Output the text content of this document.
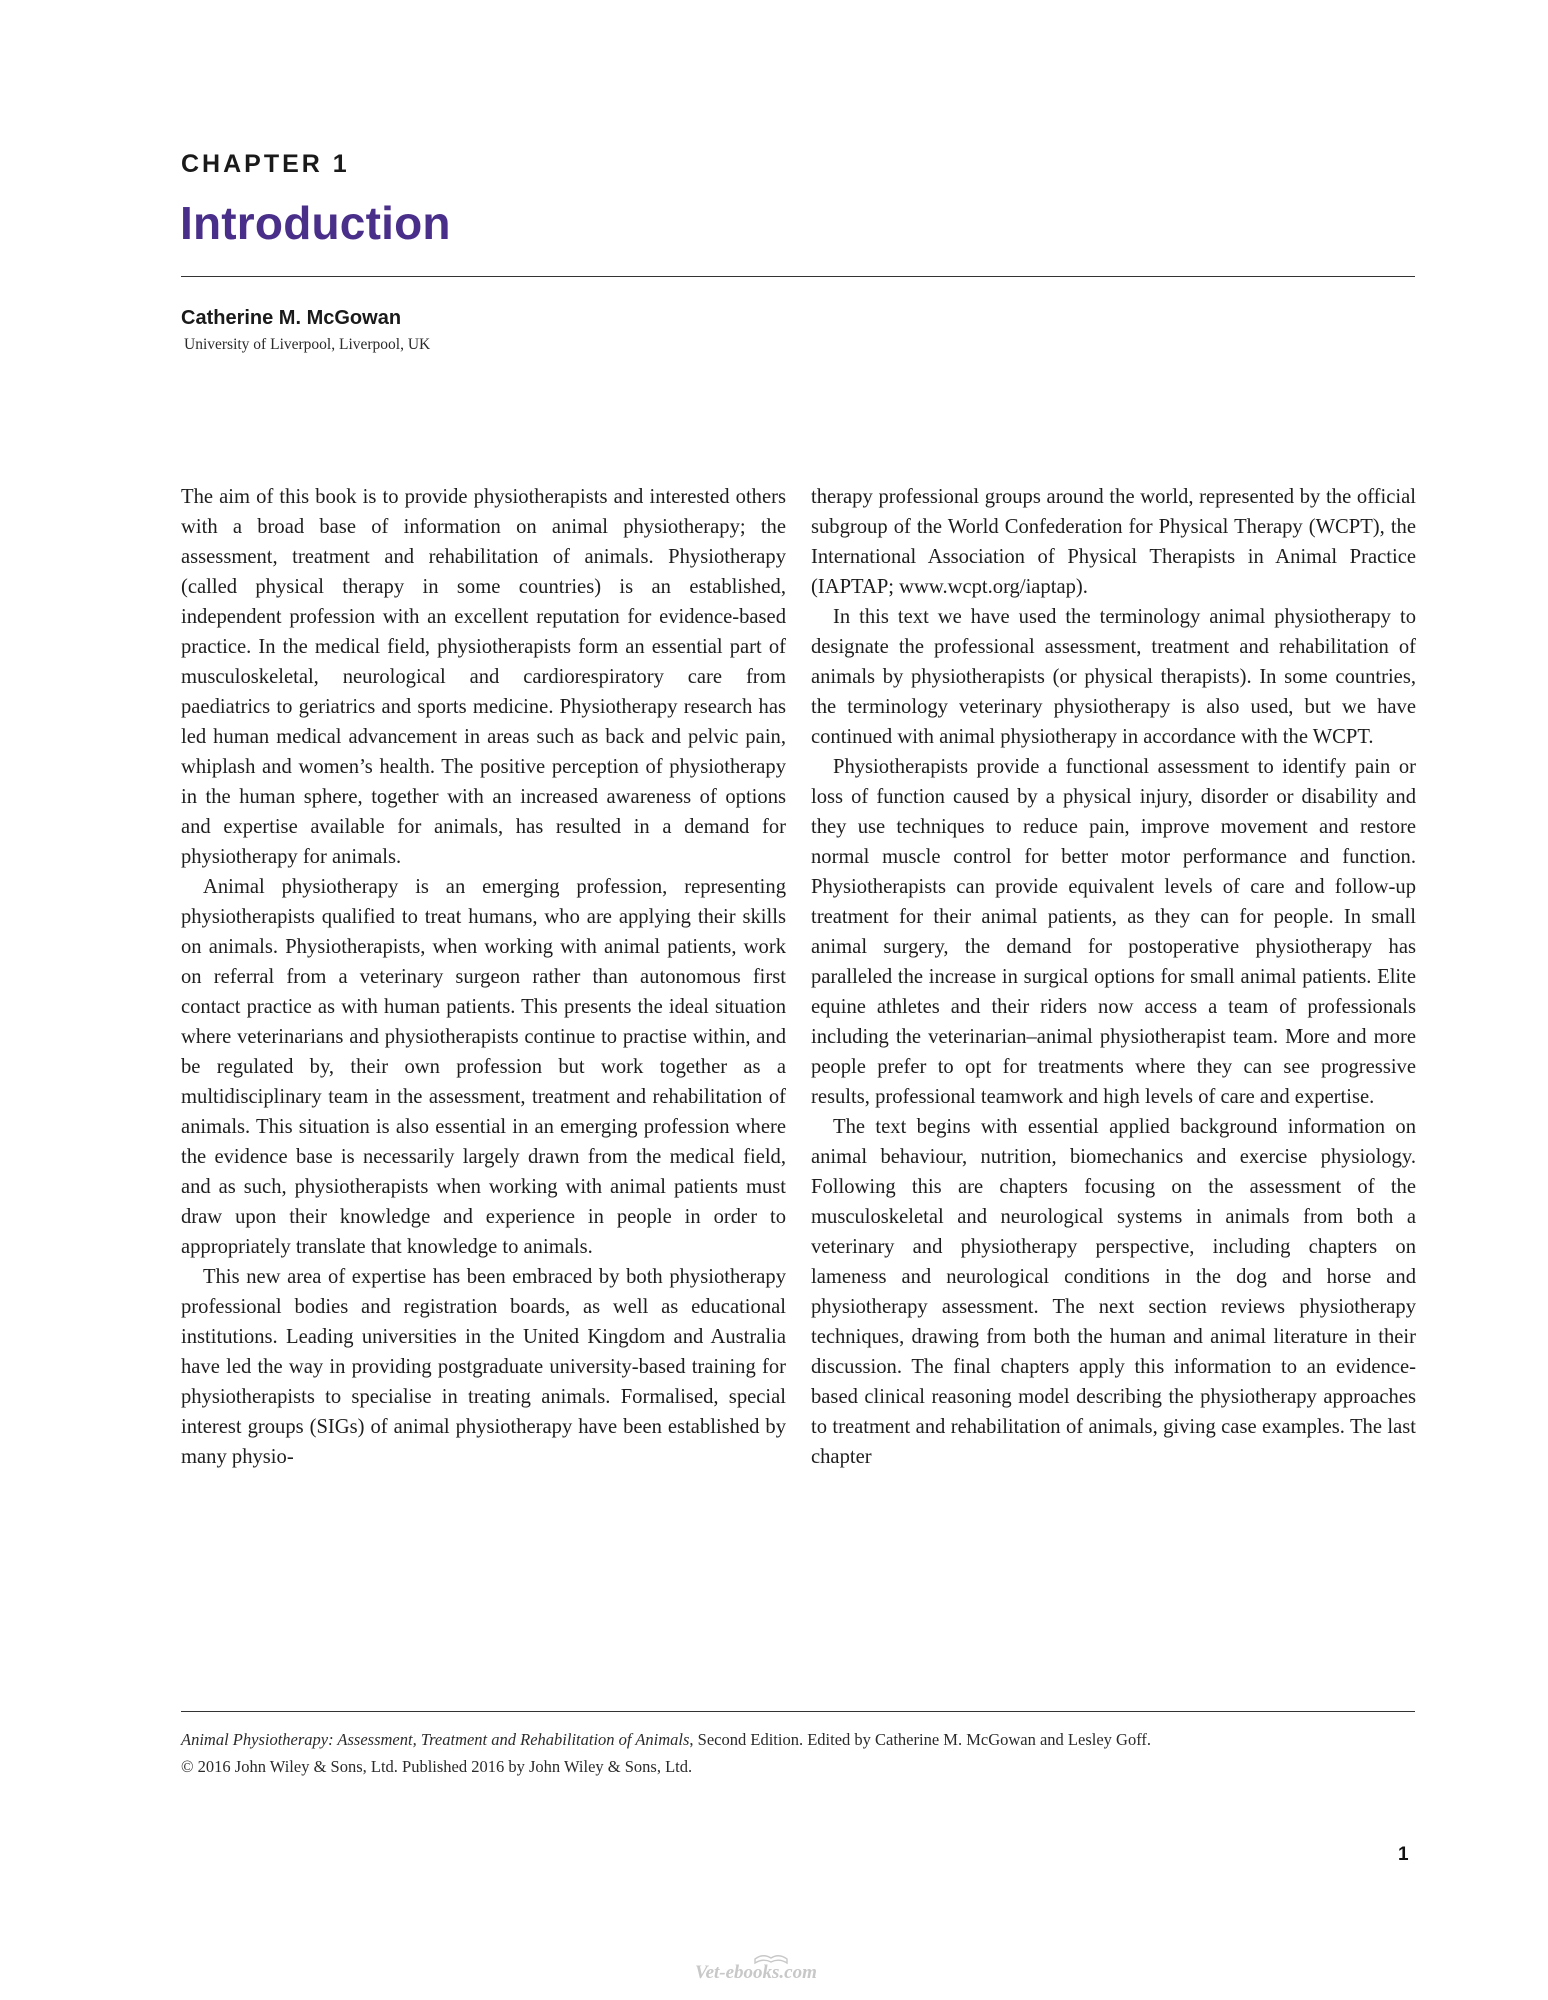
CHAPTER 1
Introduction
Catherine M. McGowan
University of Liverpool, Liverpool, UK

The aim of this book is to provide physiotherapists and interested others with a broad base of information on animal physiotherapy; the assessment, treatment and rehabilitation of animals. Physiotherapy (called physical therapy in some countries) is an established, independent profession with an excellent reputation for evidence-based practice. In the medical field, physiotherapists form an essential part of musculoskeletal, neurological and cardiorespiratory care from paediatrics to geriatrics and sports medicine. Physiotherapy research has led human medical advancement in areas such as back and pelvic pain, whiplash and women’s health. The positive perception of physiotherapy in the human sphere, together with an increased awareness of options and expertise available for animals, has resulted in a demand for physiotherapy for animals.

Animal physiotherapy is an emerging profession, representing physiotherapists qualified to treat humans, who are applying their skills on animals. Physiotherapists, when working with animal patients, work on referral from a veterinary surgeon rather than autonomous first contact practice as with human patients. This presents the ideal situation where veterinarians and physiotherapists continue to practise within, and be regulated by, their own profession but work together as a multidisciplinary team in the assessment, treatment and rehabilitation of animals. This situation is also essential in an emerging profession where the evidence base is necessarily largely drawn from the medical field, and as such, physiotherapists when working with animal patients must draw upon their knowledge and experience in people in order to appropriately translate that knowledge to animals.

This new area of expertise has been embraced by both physiotherapy professional bodies and registration boards, as well as educational institutions. Leading universities in the United Kingdom and Australia have led the way in providing postgraduate university-based training for physiotherapists to specialise in treating animals. Formalised, special interest groups (SIGs) of animal physiotherapy have been established by many physio-

therapy professional groups around the world, represented by the official subgroup of the World Confederation for Physical Therapy (WCPT), the International Association of Physical Therapists in Animal Practice (IAPTAP; www.wcpt.org/iaptap).

In this text we have used the terminology animal physiotherapy to designate the professional assessment, treatment and rehabilitation of animals by physiotherapists (or physical therapists). In some countries, the terminology veterinary physiotherapy is also used, but we have continued with animal physiotherapy in accordance with the WCPT.

Physiotherapists provide a functional assessment to identify pain or loss of function caused by a physical injury, disorder or disability and they use techniques to reduce pain, improve movement and restore normal muscle control for better motor performance and function. Physiotherapists can provide equivalent levels of care and follow-up treatment for their animal patients, as they can for people. In small animal surgery, the demand for postoperative physiotherapy has paralleled the increase in surgical options for small animal patients. Elite equine athletes and their riders now access a team of professionals including the veterinarian–animal physiotherapist team. More and more people prefer to opt for treatments where they can see progressive results, professional teamwork and high levels of care and expertise.

The text begins with essential applied background information on animal behaviour, nutrition, biomechanics and exercise physiology. Following this are chapters focusing on the assessment of the musculoskeletal and neurological systems in animals from both a veterinary and physiotherapy perspective, including chapters on lameness and neurological conditions in the dog and horse and physiotherapy assessment. The next section reviews physiotherapy techniques, drawing from both the human and animal literature in their discussion. The final chapters apply this information to an evidence-based clinical reasoning model describing the physiotherapy approaches to treatment and rehabilitation of animals, giving case examples. The last chapter

Animal Physiotherapy: Assessment, Treatment and Rehabilitation of Animals, Second Edition. Edited by Catherine M. McGowan and Lesley Goff.
© 2016 John Wiley & Sons, Ltd. Published 2016 by John Wiley & Sons, Ltd.
1
Vet-ebooks.com
